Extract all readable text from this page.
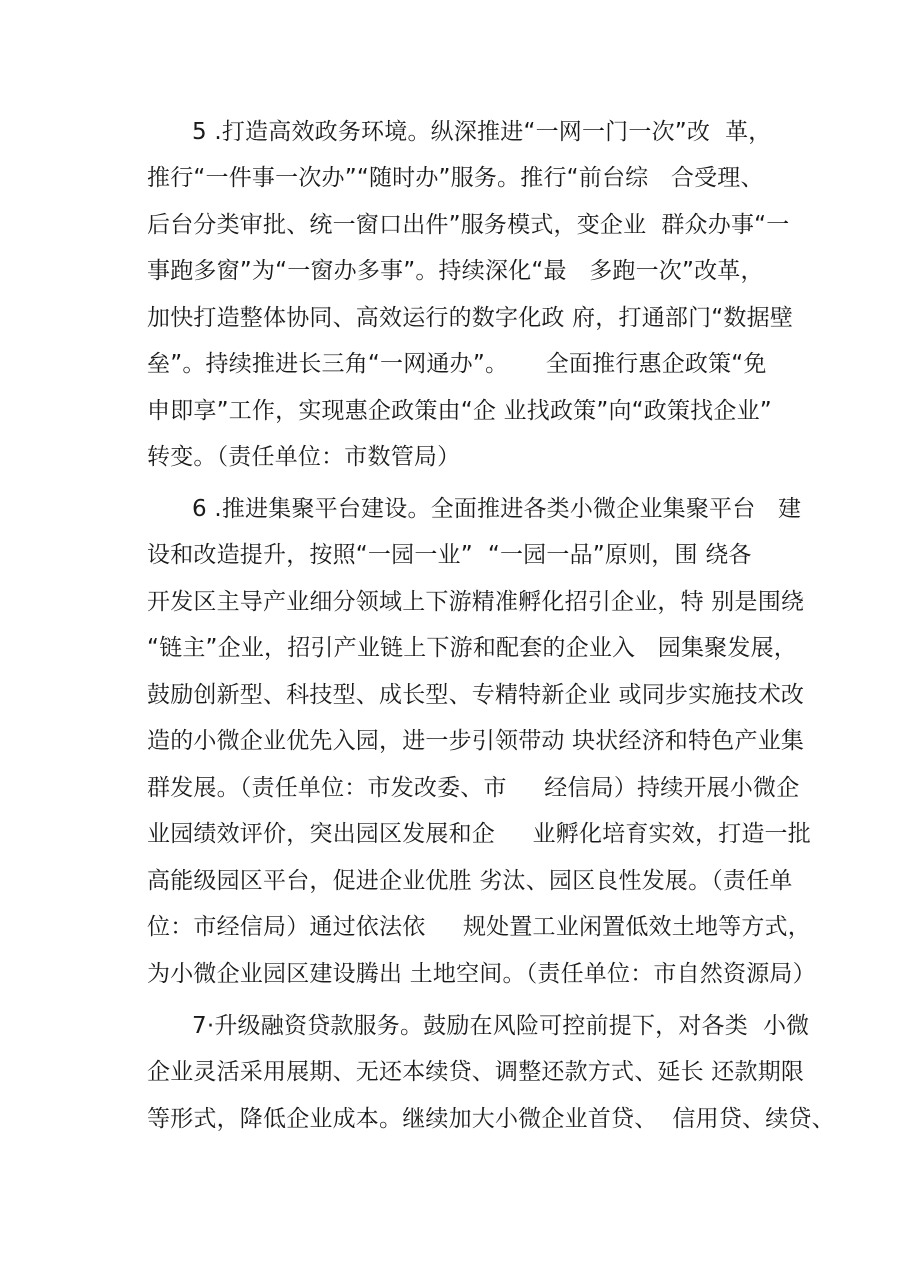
5 .打造高效政务环境。纵深推进“一网一门一次”改  革，

推行“一件事一次办”“随时办”服务。推行“前台综   合受理、

后台分类审批、统一窗口出件”服务模式，变企业  群众办事“一

事跑多窗”为“一窗办多事”。持续深化“最   多跑一次”改革，

加快打造整体协同、高效运行的数字化政 府，打通部门“数据壁

垒”。持续推进长三角“一网通办”。     全面推行惠企政策“免

申即享”工作，实现惠企政策由“企 业找政策”向“政策找企业”

转变。（责任单位：市数管局）

6 .推进集聚平台建设。全面推进各类小微企业集聚平台   建

设和改造提升，按照“一园一业”  “一园一品”原则，围 绕各

开发区主导产业细分领域上下游精准孵化招引企业，特 别是围绕

“链主”企业，招引产业链上下游和配套的企业入   园集聚发展，

鼓励创新型、科技型、成长型、专精特新企业 或同步实施技术改

造的小微企业优先入园，进一步引领带动 块状经济和特色产业集

群发展。（责任单位：市发改委、市     经信局）持续开展小微企

业园绩效评价，突出园区发展和企     业孵化培育实效，打造一批

高能级园区平台，促进企业优胜 劣汰、园区良性发展。（责任单

位：市经信局）通过依法依     规处置工业闲置低效土地等方式，

为小微企业园区建设腾出 土地空间。（责任单位：市自然资源局）

7·升级融资贷款服务。鼓励在风险可控前提下，对各类  小微

企业灵活采用展期、无还本续贷、调整还款方式、延长 还款期限

等形式，降低企业成本。继续加大小微企业首贷、  信用贷、续贷、
